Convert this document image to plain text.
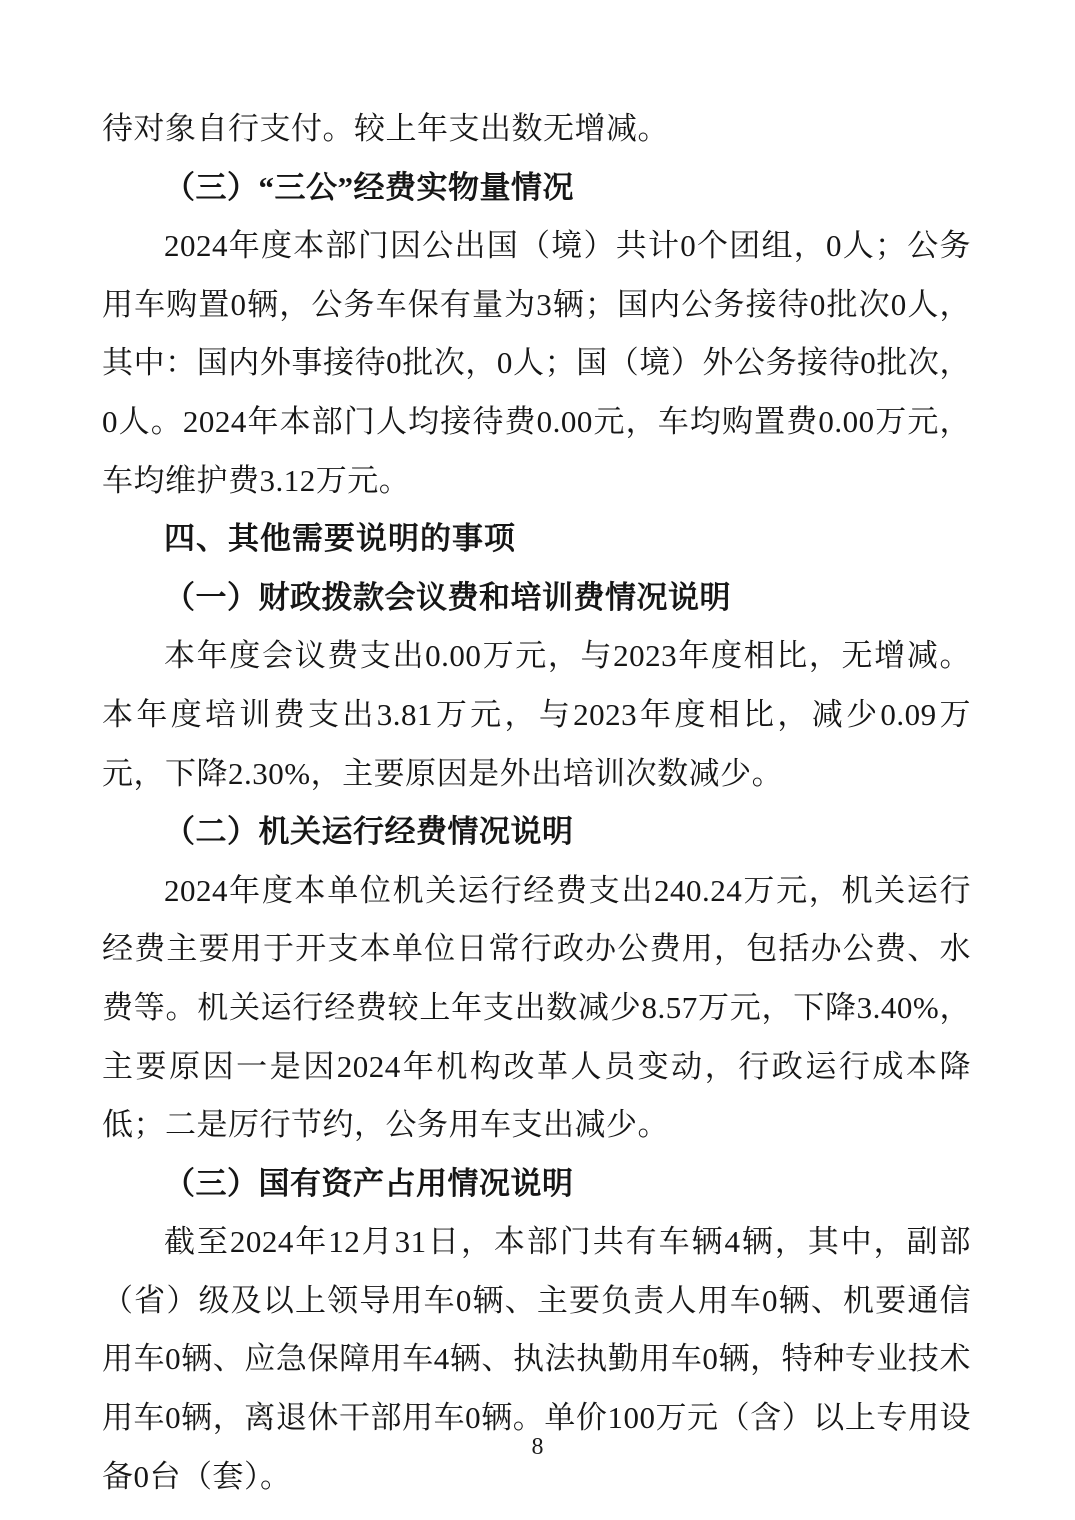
待对象自行支付。较上年支出数无增减。

（三）“三公”经费实物量情况

2024年度本部门因公出国（境）共计0个团组，0人；公务用车购置0辆，公务车保有量为3辆；国内公务接待0批次0人，其中：国内外事接待0批次，0人；国（境）外公务接待0批次，0人。2024年本部门人均接待费0.00元，车均购置费0.00万元，车均维护费3.12万元。

四、其他需要说明的事项

（一）财政拨款会议费和培训费情况说明

本年度会议费支出0.00万元，与2023年度相比，无增减。本年度培训费支出3.81万元，与2023年度相比，减少0.09万元，下降2.30%，主要原因是外出培训次数减少。

（二）机关运行经费情况说明

2024年度本单位机关运行经费支出240.24万元，机关运行经费主要用于开支本单位日常行政办公费用，包括办公费、水费等。机关运行经费较上年支出数减少8.57万元，下降3.40%，主要原因一是因2024年机构改革人员变动，行政运行成本降低；二是厉行节约，公务用车支出减少。

（三）国有资产占用情况说明

截至2024年12月31日，本部门共有车辆4辆，其中，副部（省）级及以上领导用车0辆、主要负责人用车0辆、机要通信用车0辆、应急保障用车4辆、执法执勤用车0辆，特种专业技术用车0辆，离退休干部用车0辆。单价100万元（含）以上专用设备0台（套）。

8
